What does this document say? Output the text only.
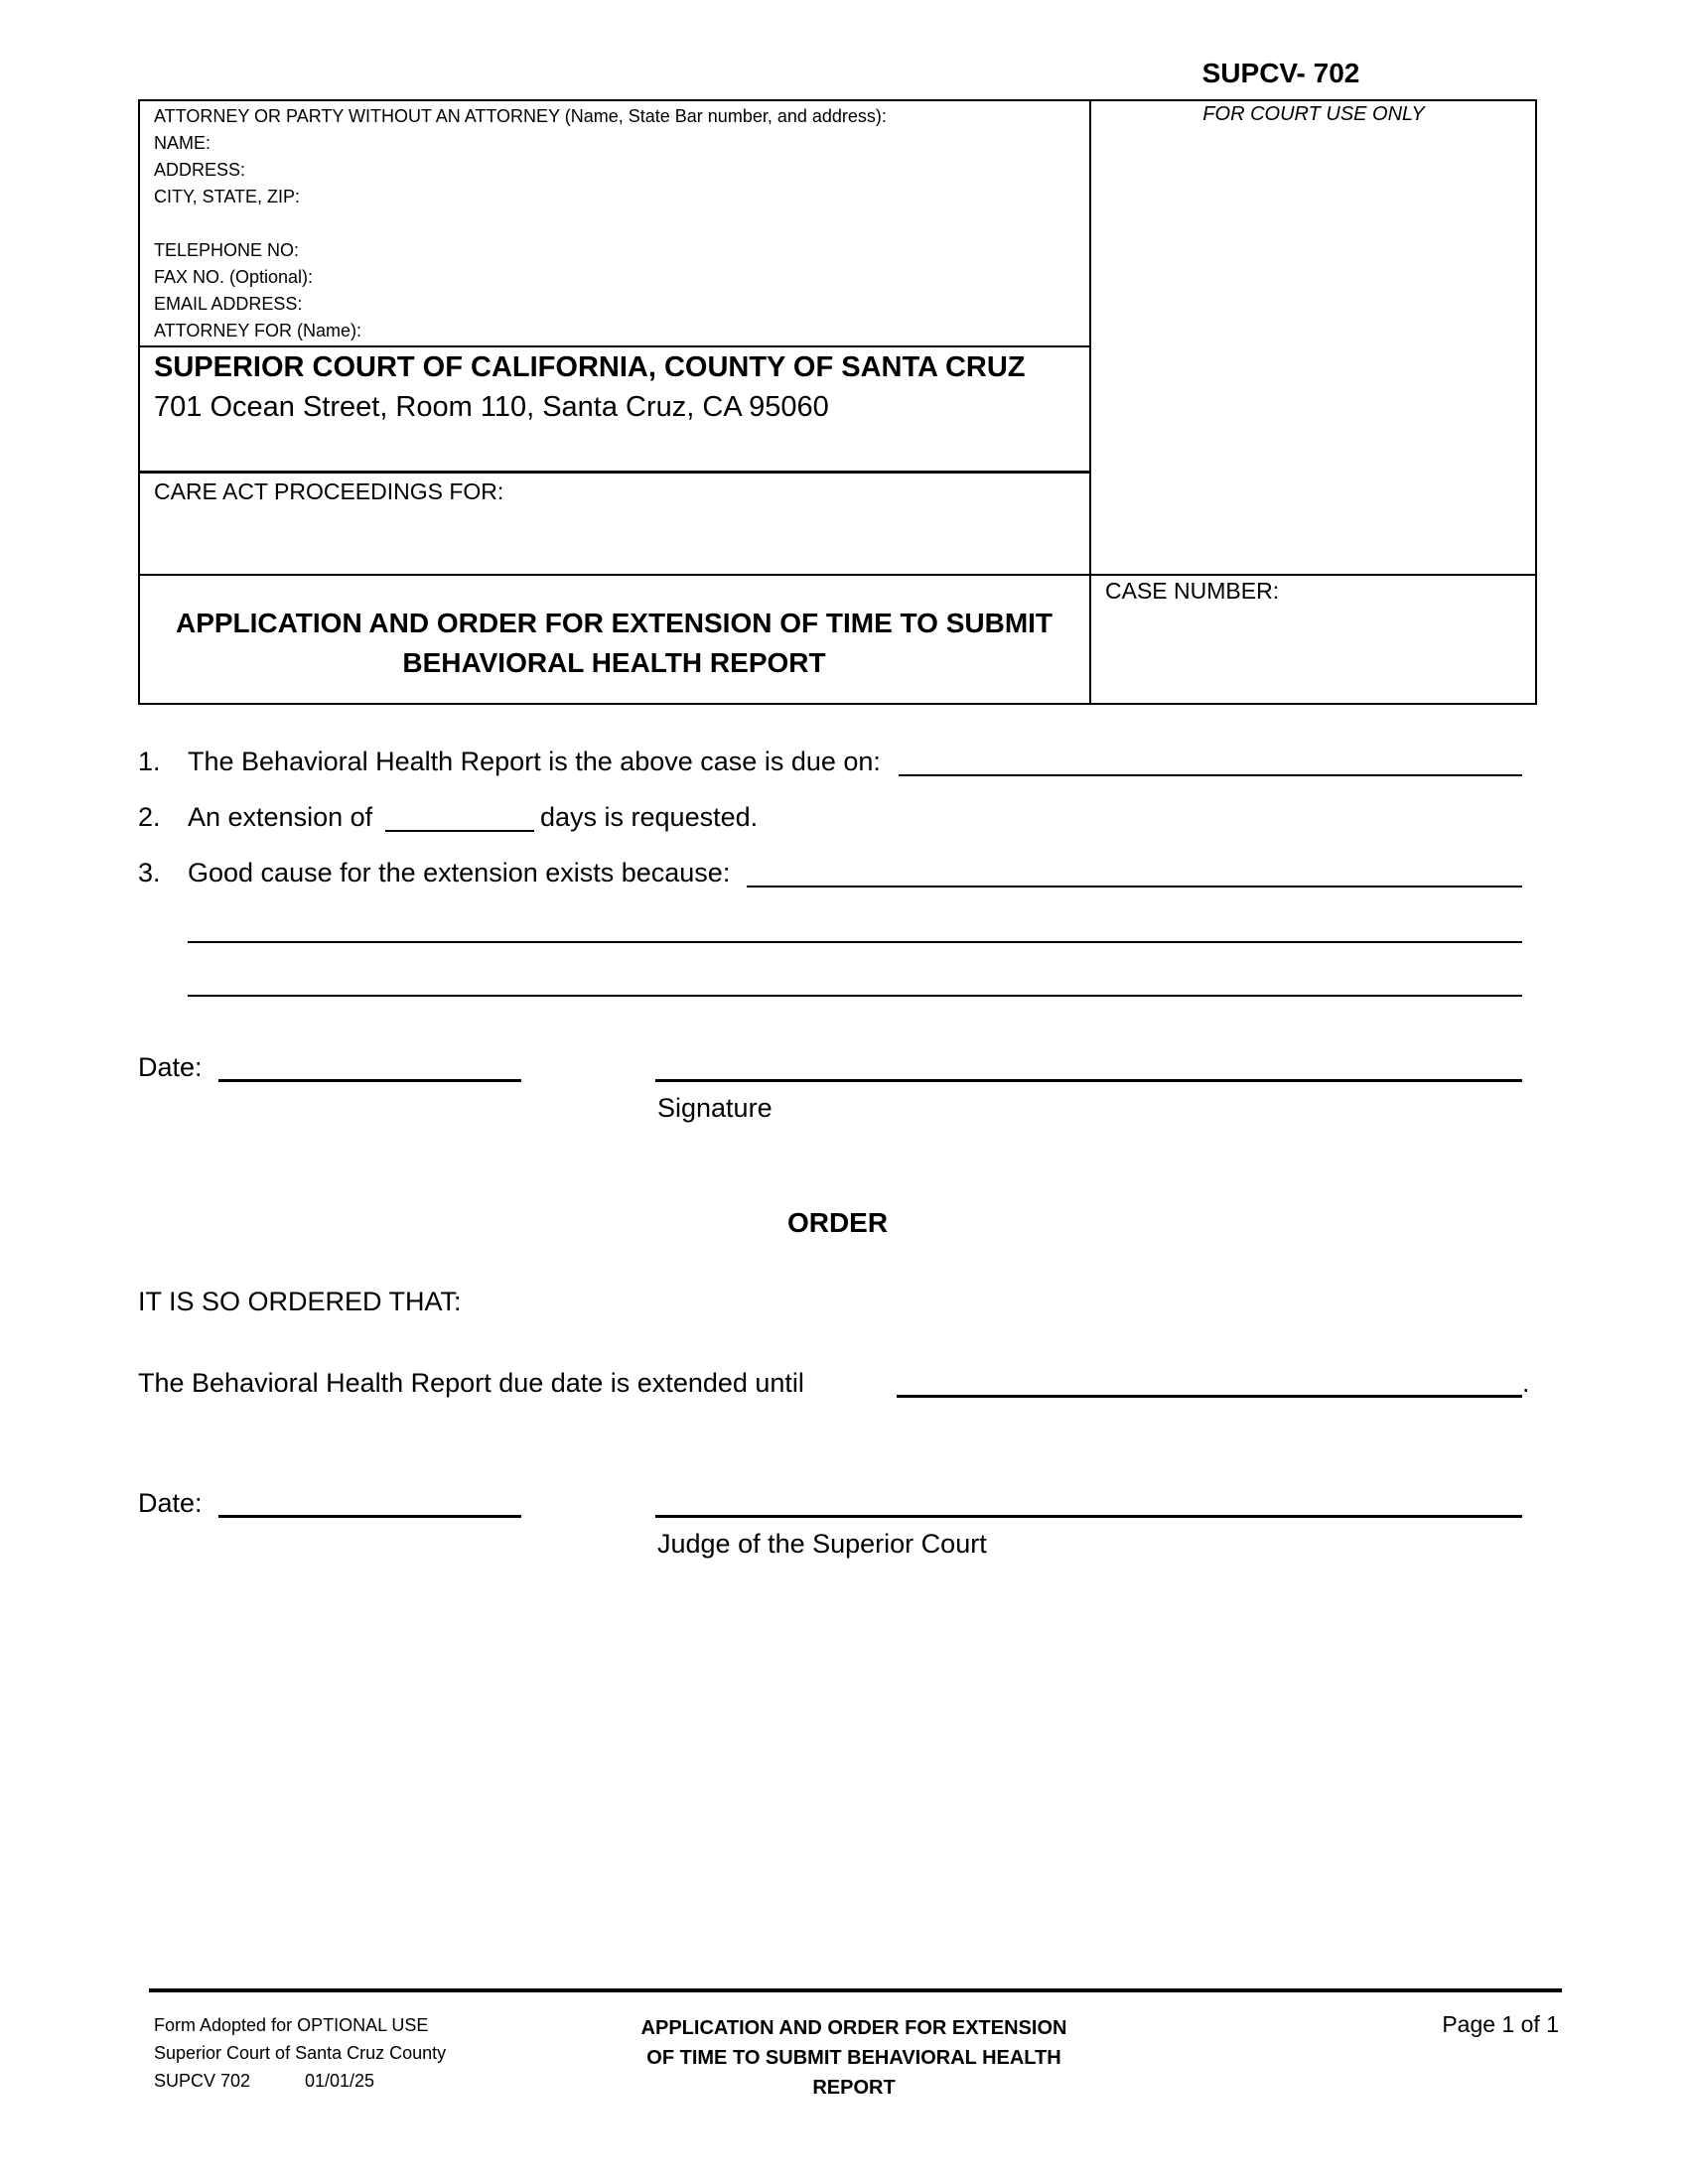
SUPCV- 702
ATTORNEY OR PARTY WITHOUT AN ATTORNEY (Name, State Bar number, and address):
NAME:
ADDRESS:
CITY, STATE, ZIP:
TELEPHONE NO:
FAX NO. (Optional):
EMAIL ADDRESS:
ATTORNEY FOR (Name):
FOR COURT USE ONLY
SUPERIOR COURT OF CALIFORNIA, COUNTY OF SANTA CRUZ
701 Ocean Street, Room 110, Santa Cruz, CA 95060
CARE ACT PROCEEDINGS FOR:
APPLICATION AND ORDER FOR EXTENSION OF TIME TO SUBMIT
BEHAVIORAL HEALTH REPORT
CASE NUMBER:
1. The Behavioral Health Report is the above case is due on:
2. An extension of	days is requested.
3. Good cause for the extension exists because:
Date:
Signature
ORDER
IT IS SO ORDERED THAT:
The Behavioral Health Report due date is extended until	.
Date:
Judge of the Superior Court
Form Adopted for OPTIONAL USE
Superior Court of Santa Cruz County
SUPCV 702	01/01/25
APPLICATION AND ORDER FOR EXTENSION
OF TIME TO SUBMIT BEHAVIORAL HEALTH
REPORT
Page 1 of 1
